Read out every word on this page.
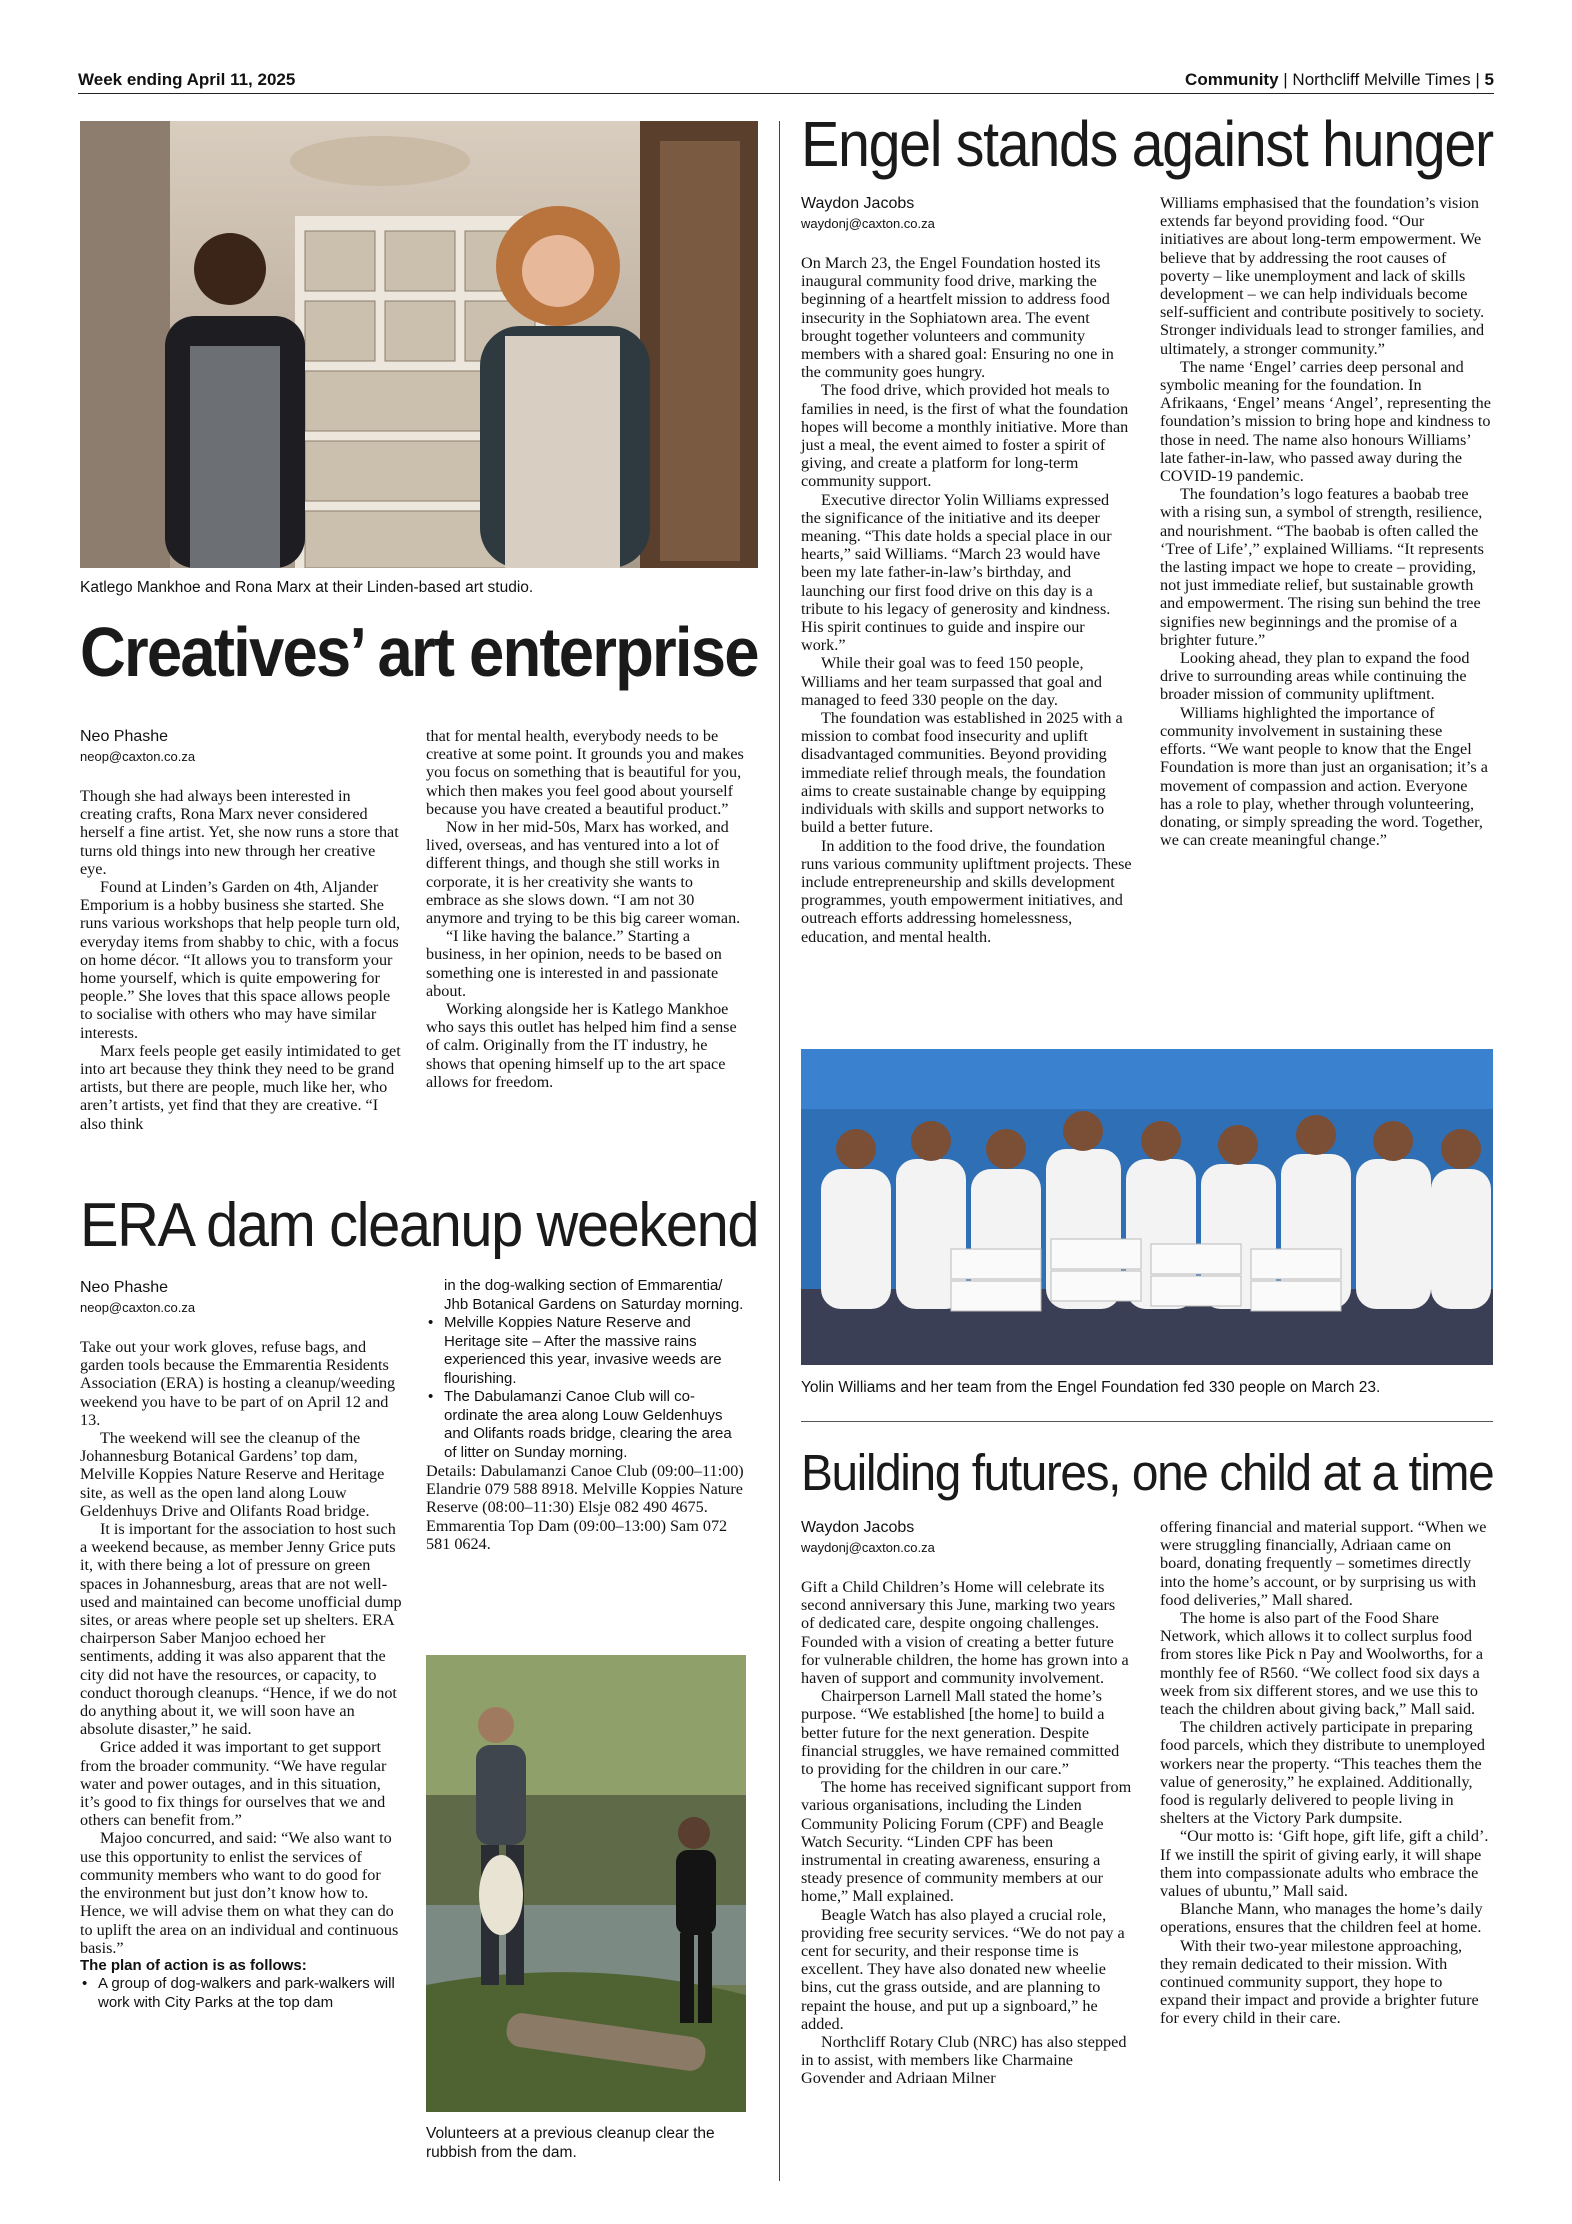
Week ending April 11, 2025	Community | Northcliff Melville Times | 5
Katlego Mankhoe and Rona Marx at their Linden-based art studio.
Creatives’ art enterprise
Neo Phashe
neop@caxton.co.za

Though she had always been interested in creating crafts, Rona Marx never considered herself a fine artist. Yet, she now runs a store that turns old things into new through her creative eye.

Found at Linden’s Garden on 4th, Aljander Emporium is a hobby business she started. She runs various workshops that help people turn old, everyday items from shabby to chic, with a focus on home décor. “It allows you to transform your home yourself, which is quite empowering for people.” She loves that this space allows people to socialise with others who may have similar interests.

Marx feels people get easily intimidated to get into art because they think they need to be grand artists, but there are people, much like her, who aren’t artists, yet find that they are creative. “I also think

that for mental health, everybody needs to be creative at some point. It grounds you and makes you focus on something that is beautiful for you, which then makes you feel good about yourself because you have created a beautiful product.”

Now in her mid-50s, Marx has worked, and lived, overseas, and has ventured into a lot of different things, and though she still works in corporate, it is her creativity she wants to embrace as she slows down. “I am not 30 anymore and trying to be this big career woman.

“I like having the balance.” Starting a business, in her opinion, needs to be based on something one is interested in and passionate about.

Working alongside her is Katlego Mankhoe who says this outlet has helped him find a sense of calm. Originally from the IT industry, he shows that opening himself up to the art space allows for freedom.

ERA dam cleanup weekend
Neo Phashe
neop@caxton.co.za

Take out your work gloves, refuse bags, and garden tools because the Emmarentia Residents Association (ERA) is hosting a cleanup/weeding weekend you have to be part of on April 12 and 13.

The weekend will see the cleanup of the Johannesburg Botanical Gardens’ top dam, Melville Koppies Nature Reserve and Heritage site, as well as the open land along Louw Geldenhuys Drive and Olifants Road bridge.

It is important for the association to host such a weekend because, as member Jenny Grice puts it, with there being a lot of pressure on green spaces in Johannesburg, areas that are not well-used and maintained can become unofficial dump sites, or areas where people set up shelters. ERA chairperson Saber Manjoo echoed her sentiments, adding it was also apparent that the city did not have the resources, or capacity, to conduct thorough cleanups. “Hence, if we do not do anything about it, we will soon have an absolute disaster,” he said.

Grice added it was important to get support from the broader community. “We have regular water and power outages, and in this situation, it’s good to fix things for ourselves that we and others can benefit from.”

Majoo concurred, and said: “We also want to use this opportunity to enlist the services of community members who want to do good for the environment but just don’t know how to. Hence, we will advise them on what they can do to uplift the area on an individual and continuous basis.”

The plan of action is as follows:

• A group of dog-walkers and park-walkers will work with City Parks at the top dam
in the dog-walking section of Emmarentia/ Jhb Botanical Gardens on Saturday morning.
• Melville Koppies Nature Reserve and Heritage site – After the massive rains experienced this year, invasive weeds are flourishing.
• The Dabulamanzi Canoe Club will co-ordinate the area along Louw Geldenhuys and Olifants roads bridge, clearing the area of litter on Sunday morning.

Details: Dabulamanzi Canoe Club (09:00–11:00) Elandrie 079 588 8918. Melville Koppies Nature Reserve (08:00–11:30) Elsje 082 490 4675. Emmarentia Top Dam (09:00–13:00) Sam 072 581 0624.

Volunteers at a previous cleanup clear the rubbish from the dam.
Engel stands against hunger
Waydon Jacobs
waydonj@caxton.co.za

On March 23, the Engel Foundation hosted its inaugural community food drive, marking the beginning of a heartfelt mission to address food insecurity in the Sophiatown area. The event brought together volunteers and community members with a shared goal: Ensuring no one in the community goes hungry.

The food drive, which provided hot meals to families in need, is the first of what the foundation hopes will become a monthly initiative. More than just a meal, the event aimed to foster a spirit of giving, and create a platform for long-term community support.

Executive director Yolin Williams expressed the significance of the initiative and its deeper meaning. “This date holds a special place in our hearts,” said Williams. “March 23 would have been my late father-in-law’s birthday, and launching our first food drive on this day is a tribute to his legacy of generosity and kindness. His spirit continues to guide and inspire our work.”

While their goal was to feed 150 people, Williams and her team surpassed that goal and managed to feed 330 people on the day.

The foundation was established in 2025 with a mission to combat food insecurity and uplift disadvantaged communities. Beyond providing immediate relief through meals, the foundation aims to create sustainable change by equipping individuals with skills and support networks to build a better future.

In addition to the food drive, the foundation runs various community upliftment projects. These include entrepreneurship and skills development programmes, youth empowerment initiatives, and outreach efforts addressing homelessness, education, and mental health.

Williams emphasised that the foundation’s vision extends far beyond providing food. “Our initiatives are about long-term empowerment. We believe that by addressing the root causes of poverty – like unemployment and lack of skills development – we can help individuals become self-sufficient and contribute positively to society. Stronger individuals lead to stronger families, and ultimately, a stronger community.”

The name ‘Engel’ carries deep personal and symbolic meaning for the foundation. In Afrikaans, ‘Engel’ means ‘Angel’, representing the foundation’s mission to bring hope and kindness to those in need. The name also honours Williams’ late father-in-law, who passed away during the COVID-19 pandemic.

The foundation’s logo features a baobab tree with a rising sun, a symbol of strength, resilience, and nourishment. “The baobab is often called the ‘Tree of Life’,” explained Williams. “It represents the lasting impact we hope to create – providing, not just immediate relief, but sustainable growth and empowerment. The rising sun behind the tree signifies new beginnings and the promise of a brighter future.”

Looking ahead, they plan to expand the food drive to surrounding areas while continuing the broader mission of community upliftment.

Williams highlighted the importance of community involvement in sustaining these efforts. “We want people to know that the Engel Foundation is more than just an organisation; it’s a movement of compassion and action. Everyone has a role to play, whether through volunteering, donating, or simply spreading the word. Together, we can create meaningful change.”

Yolin Williams and her team from the Engel Foundation fed 330 people on March 23.
Building futures, one child at a time
Waydon Jacobs
waydonj@caxton.co.za

Gift a Child Children’s Home will celebrate its second anniversary this June, marking two years of dedicated care, despite ongoing challenges. Founded with a vision of creating a better future for vulnerable children, the home has grown into a haven of support and community involvement.

Chairperson Larnell Mall stated the home’s purpose. “We established [the home] to build a better future for the next generation. Despite financial struggles, we have remained committed to providing for the children in our care.”

The home has received significant support from various organisations, including the Linden Community Policing Forum (CPF) and Beagle Watch Security. “Linden CPF has been instrumental in creating awareness, ensuring a steady presence of community members at our home,” Mall explained.

Beagle Watch has also played a crucial role, providing free security services. “We do not pay a cent for security, and their response time is excellent. They have also donated new wheelie bins, cut the grass outside, and are planning to repaint the house, and put up a signboard,” he added.

Northcliff Rotary Club (NRC) has also stepped in to assist, with members like Charmaine Govender and Adriaan Milner

offering financial and material support. “When we were struggling financially, Adriaan came on board, donating frequently – sometimes directly into the home’s account, or by surprising us with food deliveries,” Mall shared.

The home is also part of the Food Share Network, which allows it to collect surplus food from stores like Pick n Pay and Woolworths, for a monthly fee of R560. “We collect food six days a week from six different stores, and we use this to teach the children about giving back,” Mall said.

The children actively participate in preparing food parcels, which they distribute to unemployed workers near the property. “This teaches them the value of generosity,” he explained. Additionally, food is regularly delivered to people living in shelters at the Victory Park dumpsite.

“Our motto is: ‘Gift hope, gift life, gift a child’. If we instill the spirit of giving early, it will shape them into compassionate adults who embrace the values of ubuntu,” Mall said.

Blanche Mann, who manages the home’s daily operations, ensures that the children feel at home.

With their two-year milestone approaching, they remain dedicated to their mission. With continued community support, they hope to expand their impact and provide a brighter future for every child in their care.
